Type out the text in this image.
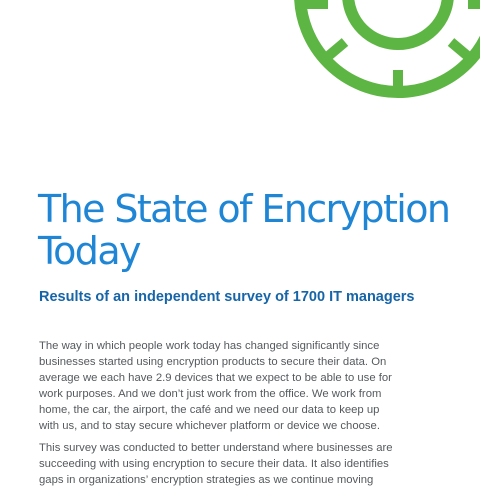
The State of Encryption Today
Results of an independent survey of 1700 IT managers

The way in which people work today has changed significantly since businesses started using encryption products to secure their data. On average we each have 2.9 devices that we expect to be able to use for work purposes. And we don’t just work from the office. We work from home, the car, the airport, the café and we need our data to keep up with us, and to stay secure whichever platform or device we choose.

This survey was conducted to better understand where businesses are succeeding with using encryption to secure their data. It also identifies gaps in organizations’ encryption strategies as we continue moving
